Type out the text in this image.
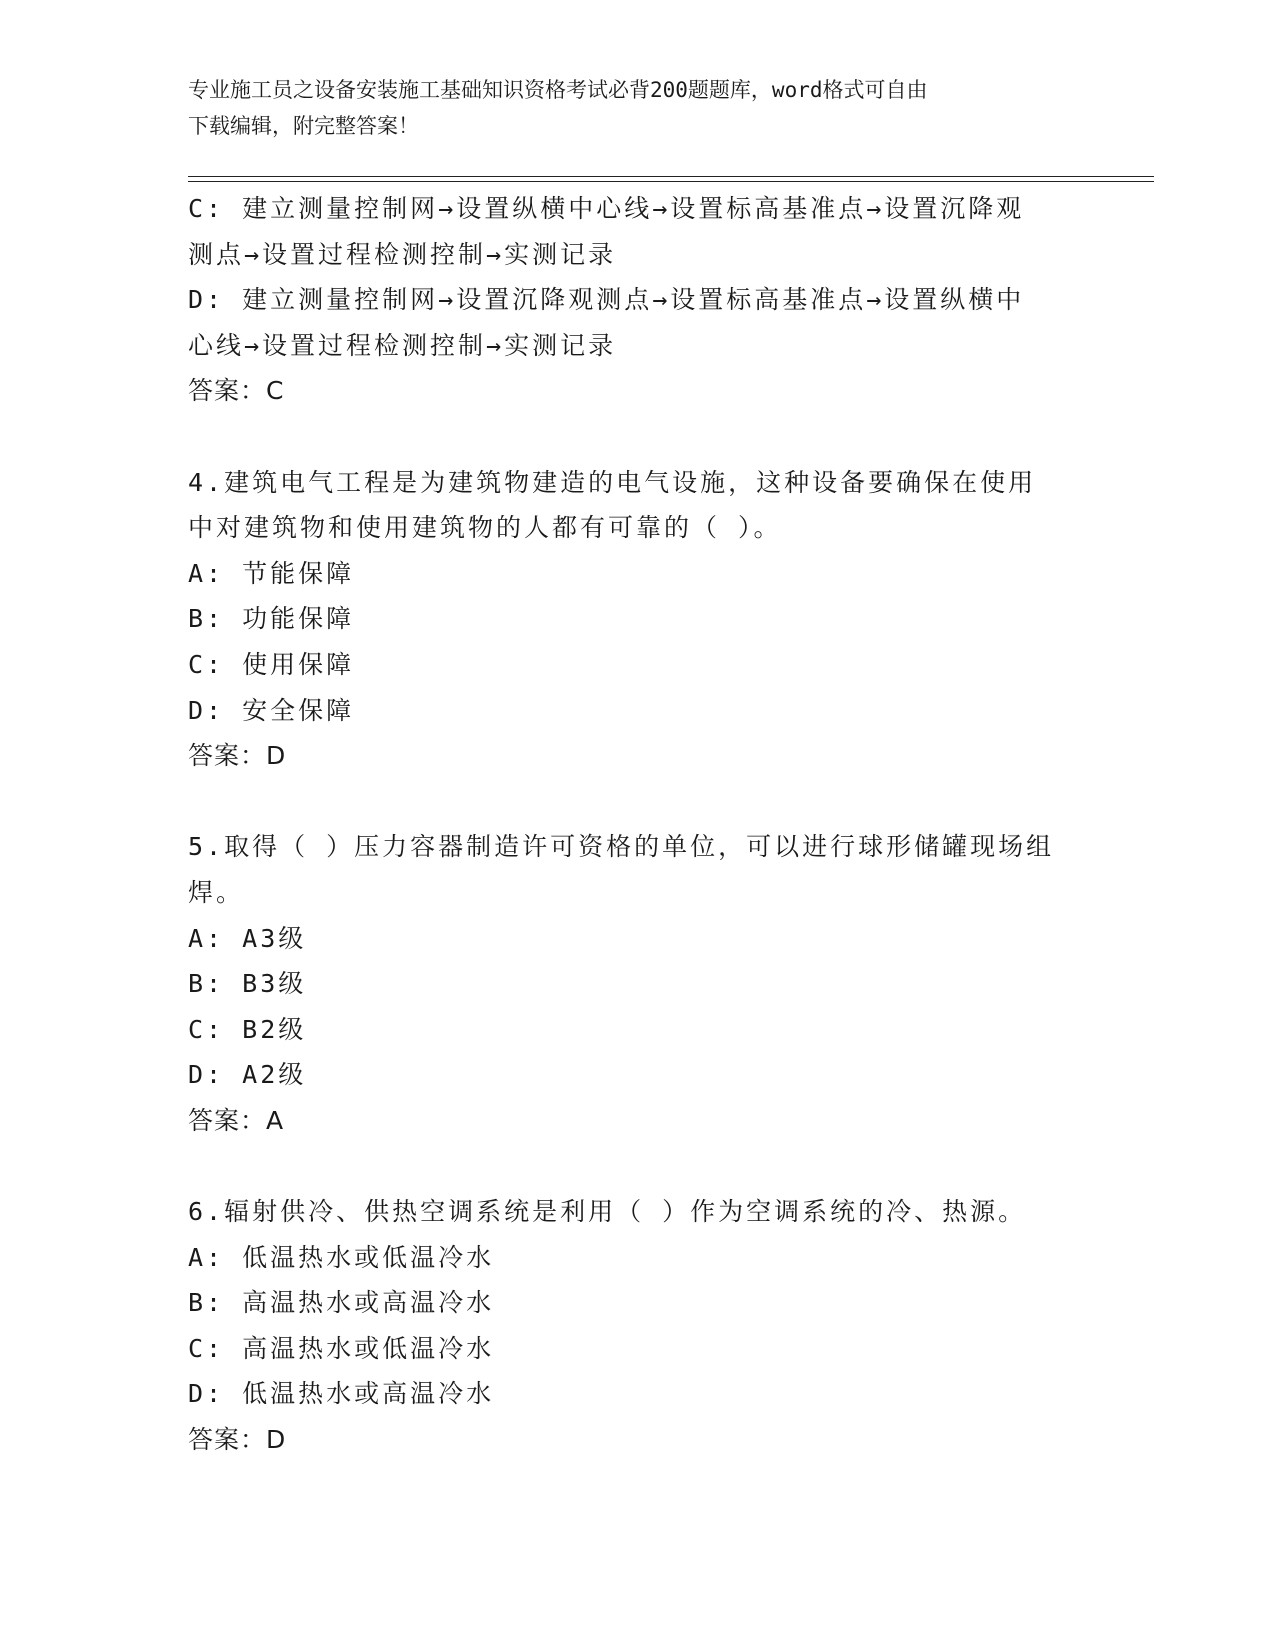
专业施工员之设备安装施工基础知识资格考试必背200题题库，word格式可自由
下载编辑，附完整答案！
C: 建立测量控制网→设置纵横中心线→设置标高基准点→设置沉降观
测点→设置过程检测控制→实测记录
D: 建立测量控制网→设置沉降观测点→设置标高基准点→设置纵横中
心线→设置过程检测控制→实测记录
答案：C
4.建筑电气工程是为建筑物建造的电气设施，这种设备要确保在使用
中对建筑物和使用建筑物的人都有可靠的（ ）。
A: 节能保障
B: 功能保障
C: 使用保障
D: 安全保障
答案：D
5.取得（ ）压力容器制造许可资格的单位，可以进行球形储罐现场组
焊。
A: A3级
B: B3级
C: B2级
D: A2级
答案：A
6.辐射供冷、供热空调系统是利用（ ）作为空调系统的冷、热源。
A: 低温热水或低温冷水
B: 高温热水或高温冷水
C: 高温热水或低温冷水
D: 低温热水或高温冷水
答案：D
